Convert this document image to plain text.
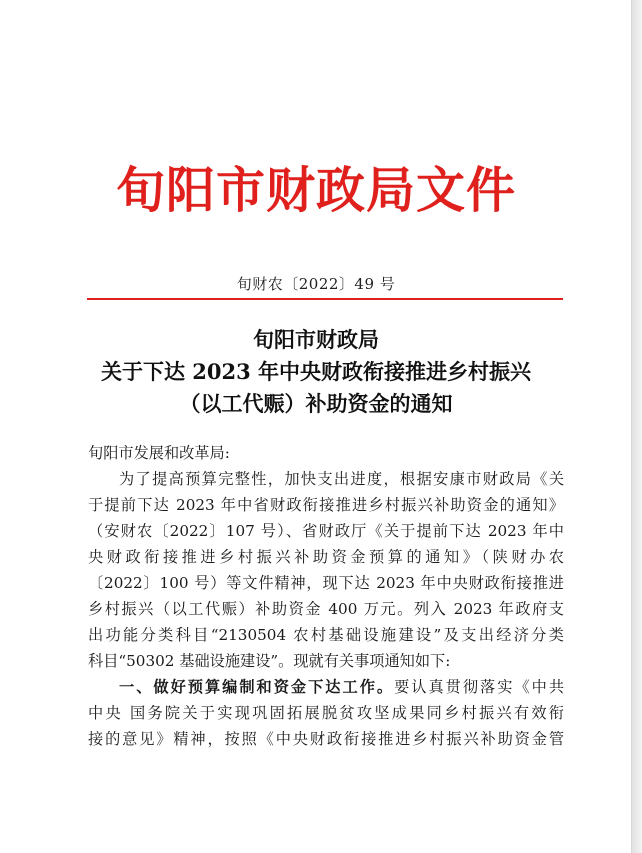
旬阳市财政局文件
旬财农〔2022〕49 号
旬阳市财政局
关于下达 2023 年中央财政衔接推进乡村振兴
（以工代赈）补助资金的通知
旬阳市发展和改革局:
为了提高预算完整性，加快支出进度，根据安康市财政局《关
于提前下达 2023 年中省财政衔接推进乡村振兴补助资金的通知》
（安财农〔2022〕107 号）、省财政厅《关于提前下达 2023 年中
央财政衔接推进乡村振兴补助资金预算的通知》（陕财办农
〔2022〕100 号）等文件精神，现下达 2023 年中央财政衔接推进
乡村振兴（以工代赈）补助资金 400 万元。列入 2023 年政府支
出功能分类科目“2130504 农村基础设施建设”及支出经济分类
科目“50302 基础设施建设”。现就有关事项通知如下:
一、做好预算编制和资金下达工作。要认真贯彻落实《中共
中央 国务院关于实现巩固拓展脱贫攻坚成果同乡村振兴有效衔
接的意见》精神，按照《中央财政衔接推进乡村振兴补助资金管
